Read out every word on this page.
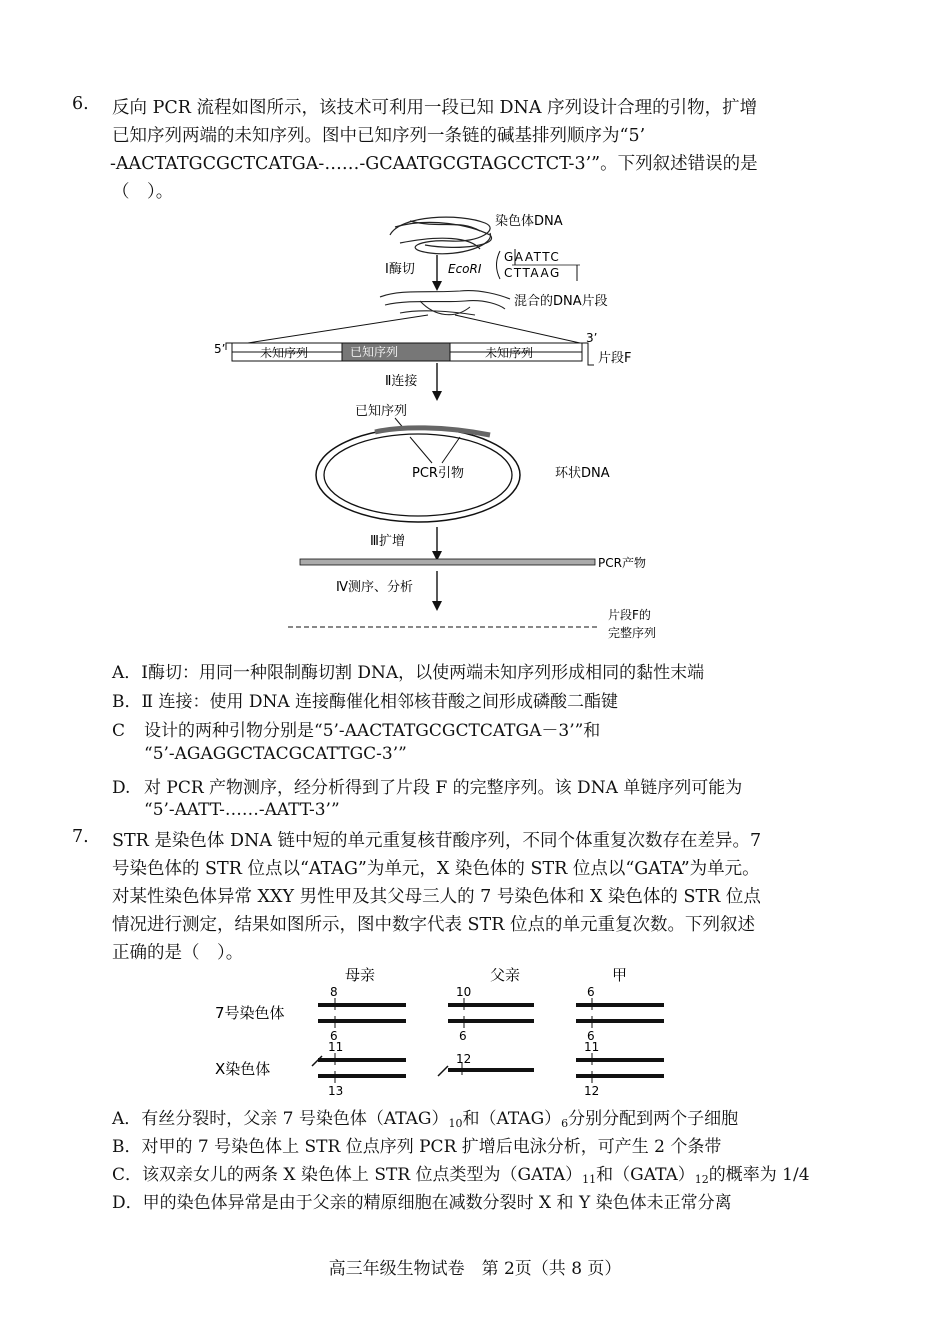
6. 反向 PCR 流程如图所示，该技术可利用一段已知 DNA 序列设计合理的引物，扩增
已知序列两端的未知序列。图中已知序列一条链的碱基排列顺序为“5’
-AACTATGCGCTCATGA-……-GCAATGCGTAGCCTCT-3’”。下列叙述错误的是
（　）。
染色体DNA
Ⅰ酶切	EcoRⅠ
GAATTC
CTTAAG
混合的DNA片段
5’
3’
未知序列	已知序列	未知序列	片段F
Ⅱ连接
已知序列
PCR引物	环状DNA
Ⅲ扩增
PCR产物
Ⅳ测序、分析
片段F的
完整序列
A．Ⅰ酶切：用同一种限制酶切割 DNA，以使两端未知序列形成相同的黏性末端
B．Ⅱ 连接：使用 DNA 连接酶催化相邻核苷酸之间形成磷酸二酯键
C 设计的两种引物分别是“5’-AACTATGCGCTCATGA－3’”和
“5’-AGAGGCTACGCATTGC-3’”
D. 对 PCR 产物测序，经分析得到了片段 F 的完整序列。该 DNA 单链序列可能为
“5’-AATT-……-AATT-3’”
7. STR 是染色体 DNA 链中短的单元重复核苷酸序列，不同个体重复次数存在差异。7
号染色体的 STR 位点以“ATAG”为单元，X 染色体的 STR 位点以“GATA”为单元。
对某性染色体异常 XXY 男性甲及其父母三人的 7 号染色体和 X 染色体的 STR 位点
情况进行测定，结果如图所示，图中数字代表 STR 位点的单元重复次数。下列叙述
正确的是（　）。
母亲	父亲	甲
7号染色体
X染色体
8
6
10
6
6
6
11
13
12
11
12
A．有丝分裂时，父亲 7 号染色体$(ATAG)_{10}$和$(ATAG)_6$分别分配到两个子细胞
B．对甲的 7 号染色体上 STR 位点序列 PCR 扩增后电泳分析，可产生 2 个条带
C．该双亲女儿的两条 X 染色体上 STR 位点类型为$(GATA)_{11}$和$(GATA)_{12}$的概率为 1/4
D．甲的染色体异常是由于父亲的精原细胞在减数分裂时 X 和 Y 染色体未正常分离
高三年级生物试卷　第 2页（共 8 页）
